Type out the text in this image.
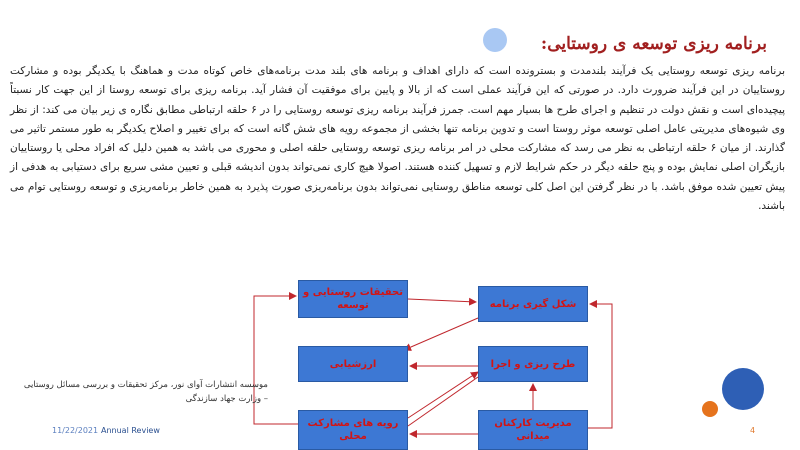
برنامه ریزی توسعه ی روستایی:
برنامه ریزی توسعه روستایی یک فرآیند بلندمدت و بسترونده است که دارای اهداف و برنامه های بلند مدت برنامه‌های خاص کوتاه مدت و هماهنگ با یکدیگر بوده و مشارکت روستاییان در این فرآیند ضرورت دارد. در صورتی که این فرآیند عملی است که از بالا و پایین برای موفقیت آن فشار آید. برنامه ریزی برای توسعه روستا از این جهت کار نسبتاً پیچیده‌ای است و نقش دولت در تنظیم و اجرای طرح ها بسیار مهم است. جمرز فرآیند برنامه ریزی توسعه روستایی را در ۶ حلقه ارتباطی مطابق نگاره ی زیر بیان می کند: از نظر وی شیوه‌های مدیریتی عامل اصلی توسعه موثر روستا است و تدوین برنامه تنها بخشی از مجموعه رویه های شش گانه است که برای تغییر و اصلاح یکدیگر به طور مستمر تاثیر می گذارند. از میان ۶ حلقه ارتباطی به نظر می رسد که مشارکت محلی در امر برنامه ریزی توسعه روستایی حلقه اصلی و محوری می باشد به همین دلیل که افراد محلی یا روستاییان بازیگران اصلی نمایش بوده و پنج حلقه دیگر در حکم شرایط لازم و تسهیل کننده هستند. اصولا هیچ کاری نمی‌تواند بدون اندیشه قبلی و تعیین مشی سریع برای دستیابی به هدفی از پیش تعیین شده موفق باشد. با در نظر گرفتن این اصل کلی توسعه مناطق روستایی نمی‌تواند بدون برنامه‌ریزی صورت پذیرد به همین خاطر برنامه‌ریزی و توسعه روستایی توام می باشند.
تحقیقات روستایی و توسعه
ارزشیابی
رویه های مشارکت محلی
شکل گیری برنامه
طرح ریزی و اجرا
مدیریت کارکنان میدانی
موسسه انتشارات آوای نور، مرکز تحقیقات و بررسی مسائل روستایی – وزارت جهاد سازندگی
11/22/2021 Annual Review	4
